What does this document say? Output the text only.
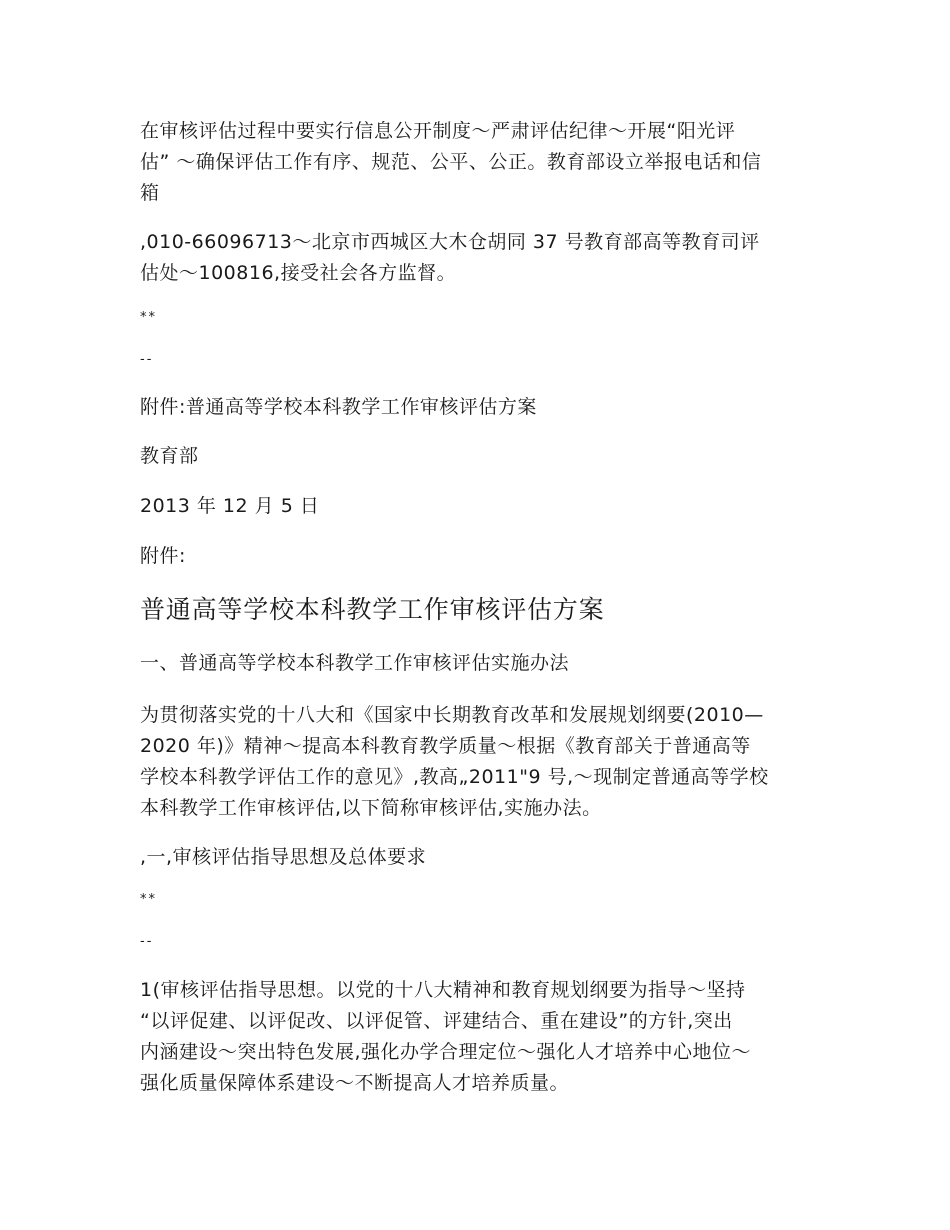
在审核评估过程中要实行信息公开制度～严肃评估纪律～开展“阳光评
估” ～确保评估工作有序、规范、公平、公正。教育部设立举报电话和信
箱

,010-66096713～北京市西城区大木仓胡同 37 号教育部高等教育司评
估处～100816,接受社会各方监督。

**

--

附件:普通高等学校本科教学工作审核评估方案

教育部

2013 年 12 月 5 日

附件:

普通高等学校本科教学工作审核评估方案

一、普通高等学校本科教学工作审核评估实施办法

为贯彻落实党的十八大和《国家中长期教育改革和发展规划纲要(2010—
2020 年)》精神～提高本科教育教学质量～根据《教育部关于普通高等
学校本科教学评估工作的意见》,教高„2011"9 号,～现制定普通高等学校
本科教学工作审核评估,以下简称审核评估,实施办法。

,一,审核评估指导思想及总体要求

**

--

1(审核评估指导思想。以党的十八大精神和教育规划纲要为指导～坚持
“以评促建、以评促改、以评促管、评建结合、重在建设”的方针,突出
内涵建设～突出特色发展,强化办学合理定位～强化人才培养中心地位～
强化质量保障体系建设～不断提高人才培养质量。
